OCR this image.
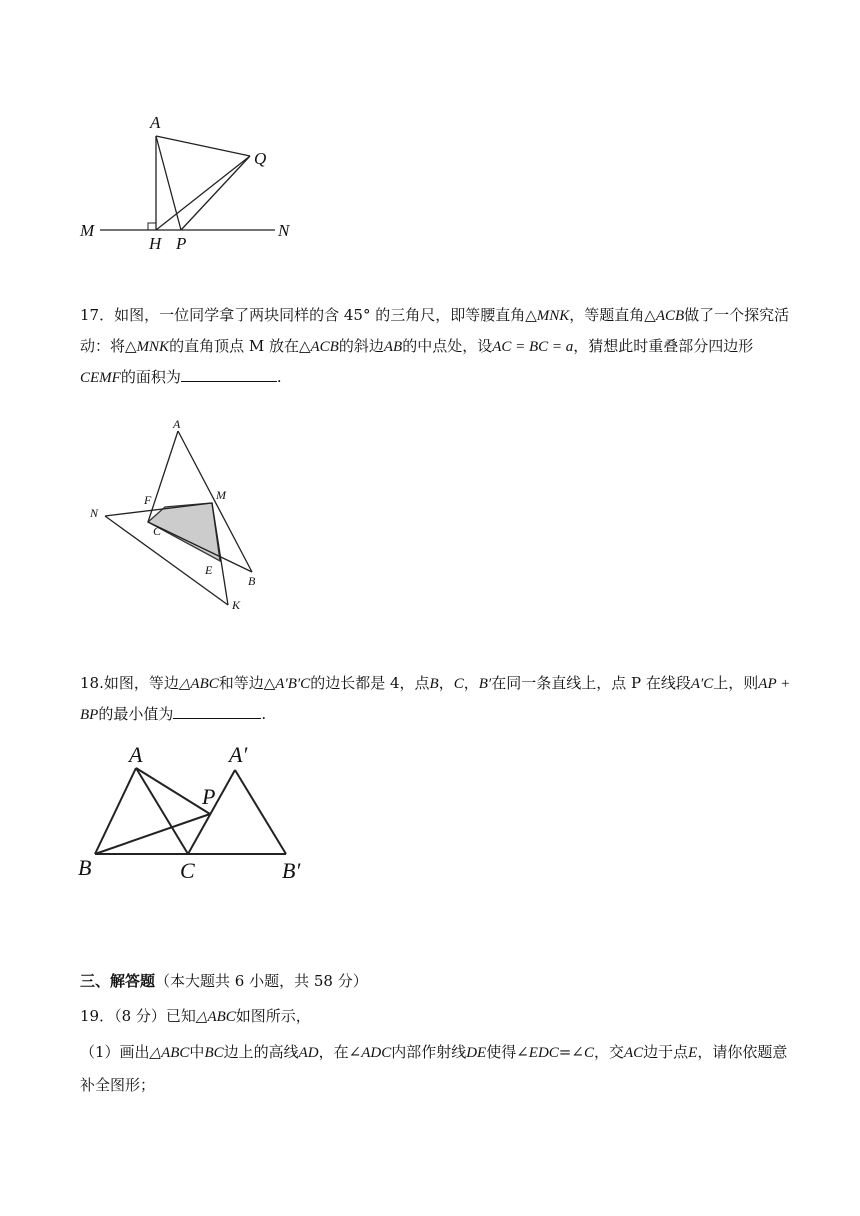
A
Q
M	N
H P
17．如图，一位同学拿了两块同样的含 45° 的三角尺，即等腰直角△MNK，等题直角△ACB做了一个探究活动：将△MNK的直角顶点 M 放在△ACB的斜边AB的中点处，设AC = BC = a，猜想此时重叠部分四边形CEMF的面积为	.
A
F	M
N
C
E
B
K
18.如图，等边△ABC和等边△A′B′C的边长都是 4，点B，C，B′在同一条直线上，点 P 在线段A′C上，则AP + BP的最小值为	.
A	A′
P
B	C	B′
三、解答题（本大题共 6 小题，共 58 分）
19．（8 分）已知△ABC如图所示，
（1）画出△ABC中BC边上的高线AD，在∠ADC内部作射线DE使得∠EDC=∠C，交AC边于点E，请你依题意补全图形；
